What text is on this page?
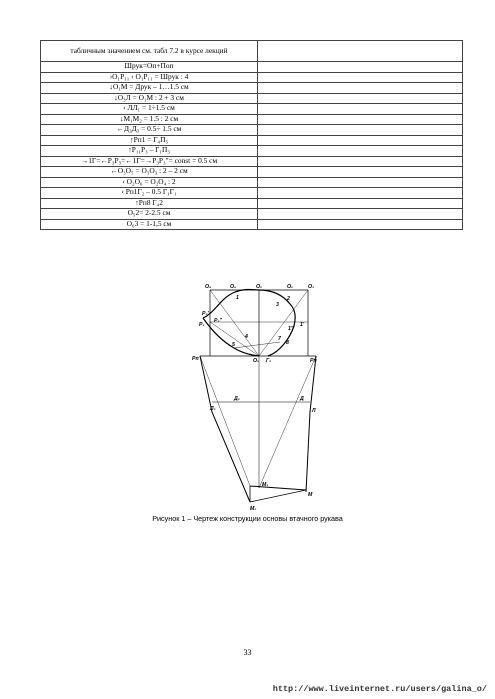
табличным значением см. табл 7.2 в курсе лекций	
Шрук=Оп+Поп	
›О₁Р₁₁ ‹ О₁Р₁₁ = Шрук : 4	
↓О₁М = Друк – 1…1.5 см	
↓О₃Л = О₁М : 2 + 3 см	
‹ ЛЛ₁ = 1÷1.5 см	
↓М₁М₂ = 1.5 : 2 см	
←Д₂Д₃ = 0.5÷ 1.5 см	
↑Рп1 = Г₄П₅	
↑Р₁₁Р₃ – Г₁П₃	
→1Г=←Р₃Р₃=←1Г=→Р₃Р₃"= const = 0.5 см	
←О₃О₅ = О₃О₃ : 2 – 2 см	
‹ О₂О₆ = О₂О₄ : 2	
‹ Рп1Г₂ – 0.5 Г₁Г₁	
↑Рп8 Г₄2	
О₅2= 2-2.5 см	
О₆3 = 1-1,5 см	
О₄	О₆	О₂	О₅	О₃
1	2
3
4
5
7
8
Р₃"
Р₃'
Р₃	1'
1"
Рп	Рп
О₁ Г₂
Д₂	Д
Л₃	Л
М₁
М₂
М
Рисунок 1 – Чертеж конструкции основы втачного рукава
33
http://www.liveinternet.ru/users/galina_o/
